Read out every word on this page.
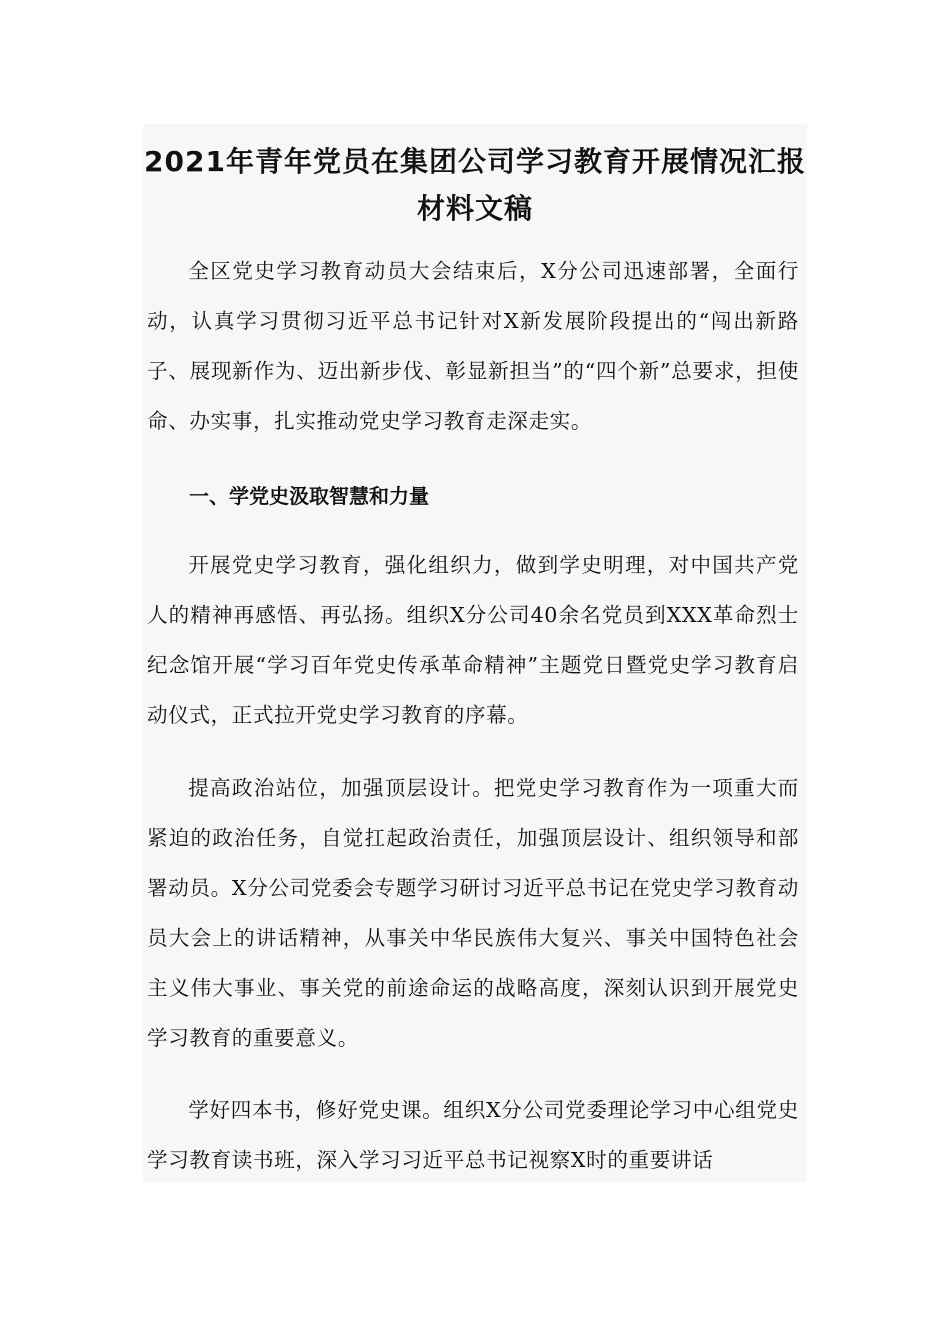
2021年青年党员在集团公司学习教育开展情况汇报
材料文稿

全区党史学习教育动员大会结束后，X分公司迅速部署，全面行动，认真学习贯彻习近平总书记针对X新发展阶段提出的“闯出新路子、展现新作为、迈出新步伐、彰显新担当”的“四个新”总要求，担使命、办实事，扎实推动党史学习教育走深走实。

一、学党史汲取智慧和力量

开展党史学习教育，强化组织力，做到学史明理，对中国共产党人的精神再感悟、再弘扬。组织X分公司40余名党员到XXX革命烈士纪念馆开展“学习百年党史传承革命精神”主题党日暨党史学习教育启动仪式，正式拉开党史学习教育的序幕。

提高政治站位，加强顶层设计。把党史学习教育作为一项重大而紧迫的政治任务，自觉扛起政治责任，加强顶层设计、组织领导和部署动员。X分公司党委会专题学习研讨习近平总书记在党史学习教育动员大会上的讲话精神，从事关中华民族伟大复兴、事关中国特色社会主义伟大事业、事关党的前途命运的战略高度，深刻认识到开展党史学习教育的重要意义。

学好四本书，修好党史课。组织X分公司党委理论学习中心组党史学习教育读书班，深入学习习近平总书记视察X时的重要讲话
